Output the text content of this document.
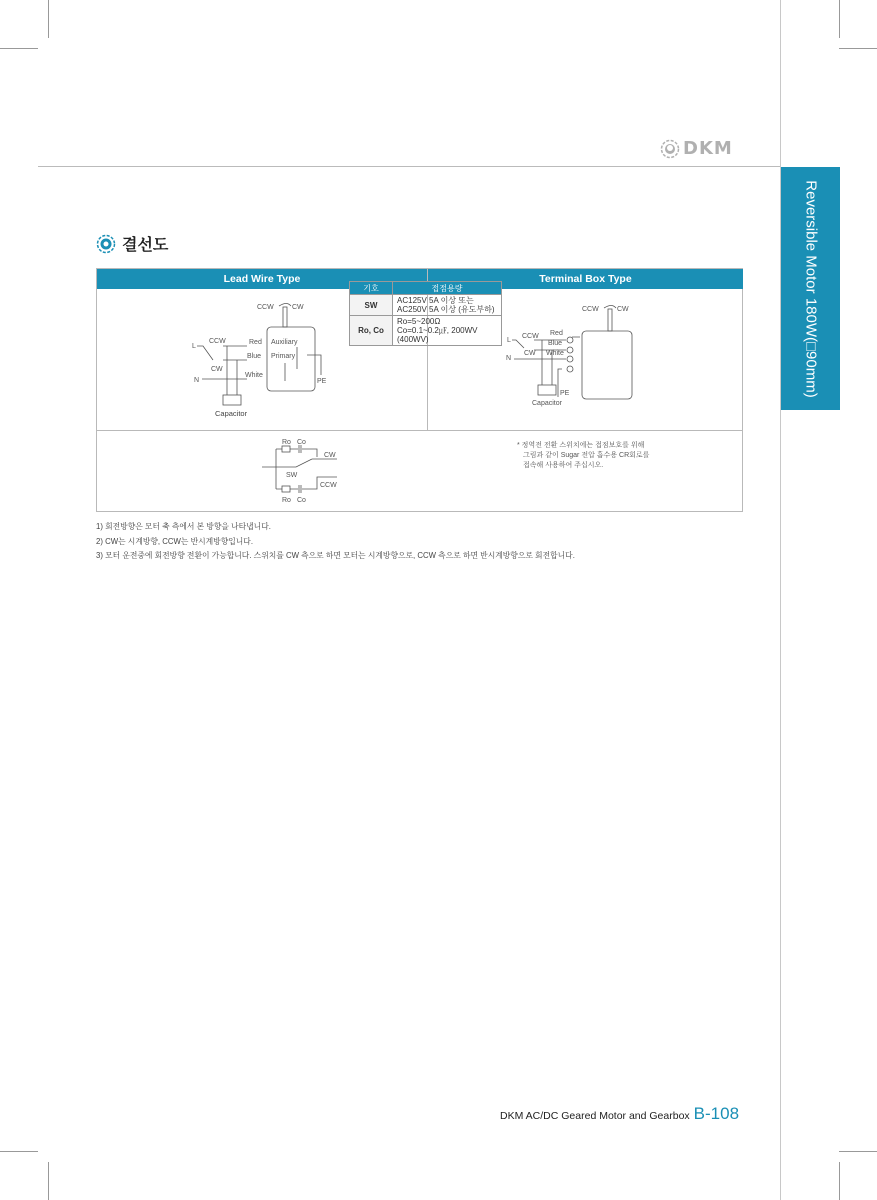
DKM
Reversible Motor 180W(□90mm)
결선도
Lead Wire Type	Terminal Box Type
CCW	CW
L
CCW
CW
N
Red
Blue
White
Auxiliary
Primary
PE
Capacitor
CCW	CW
L
CCW
CW
N
Red
Blue
White
PE
Capacitor
Ro Co
CW
CCW
SW
Ro Co
기호	접점용량
SW	AC125V 5A 이상 또는
AC250V 5A 이상 (유도부하)

Ro, Co	Ro=5~200Ω
Co=0.1~0.2㎌, 200WV (400WV)
* 정역전 전환 스위치에는 접점보호를 위해
그림과 같이 Sugar 전압 흡수용 CR회로를
접속해 사용하여 주십시오.
1) 회전방향은 모터 축 측에서 본 방향을 나타냅니다.
2) CW는 시계방향, CCW는 반시계방향입니다.
3) 모터 운전중에 회전방향 전환이 가능합니다. 스위치를 CW 측으로 하면 모터는 시계방향으로, CCW 측으로 하면 반시계방향으로 회전합니다.
DKM AC/DC Geared Motor and Gearbox B-108
